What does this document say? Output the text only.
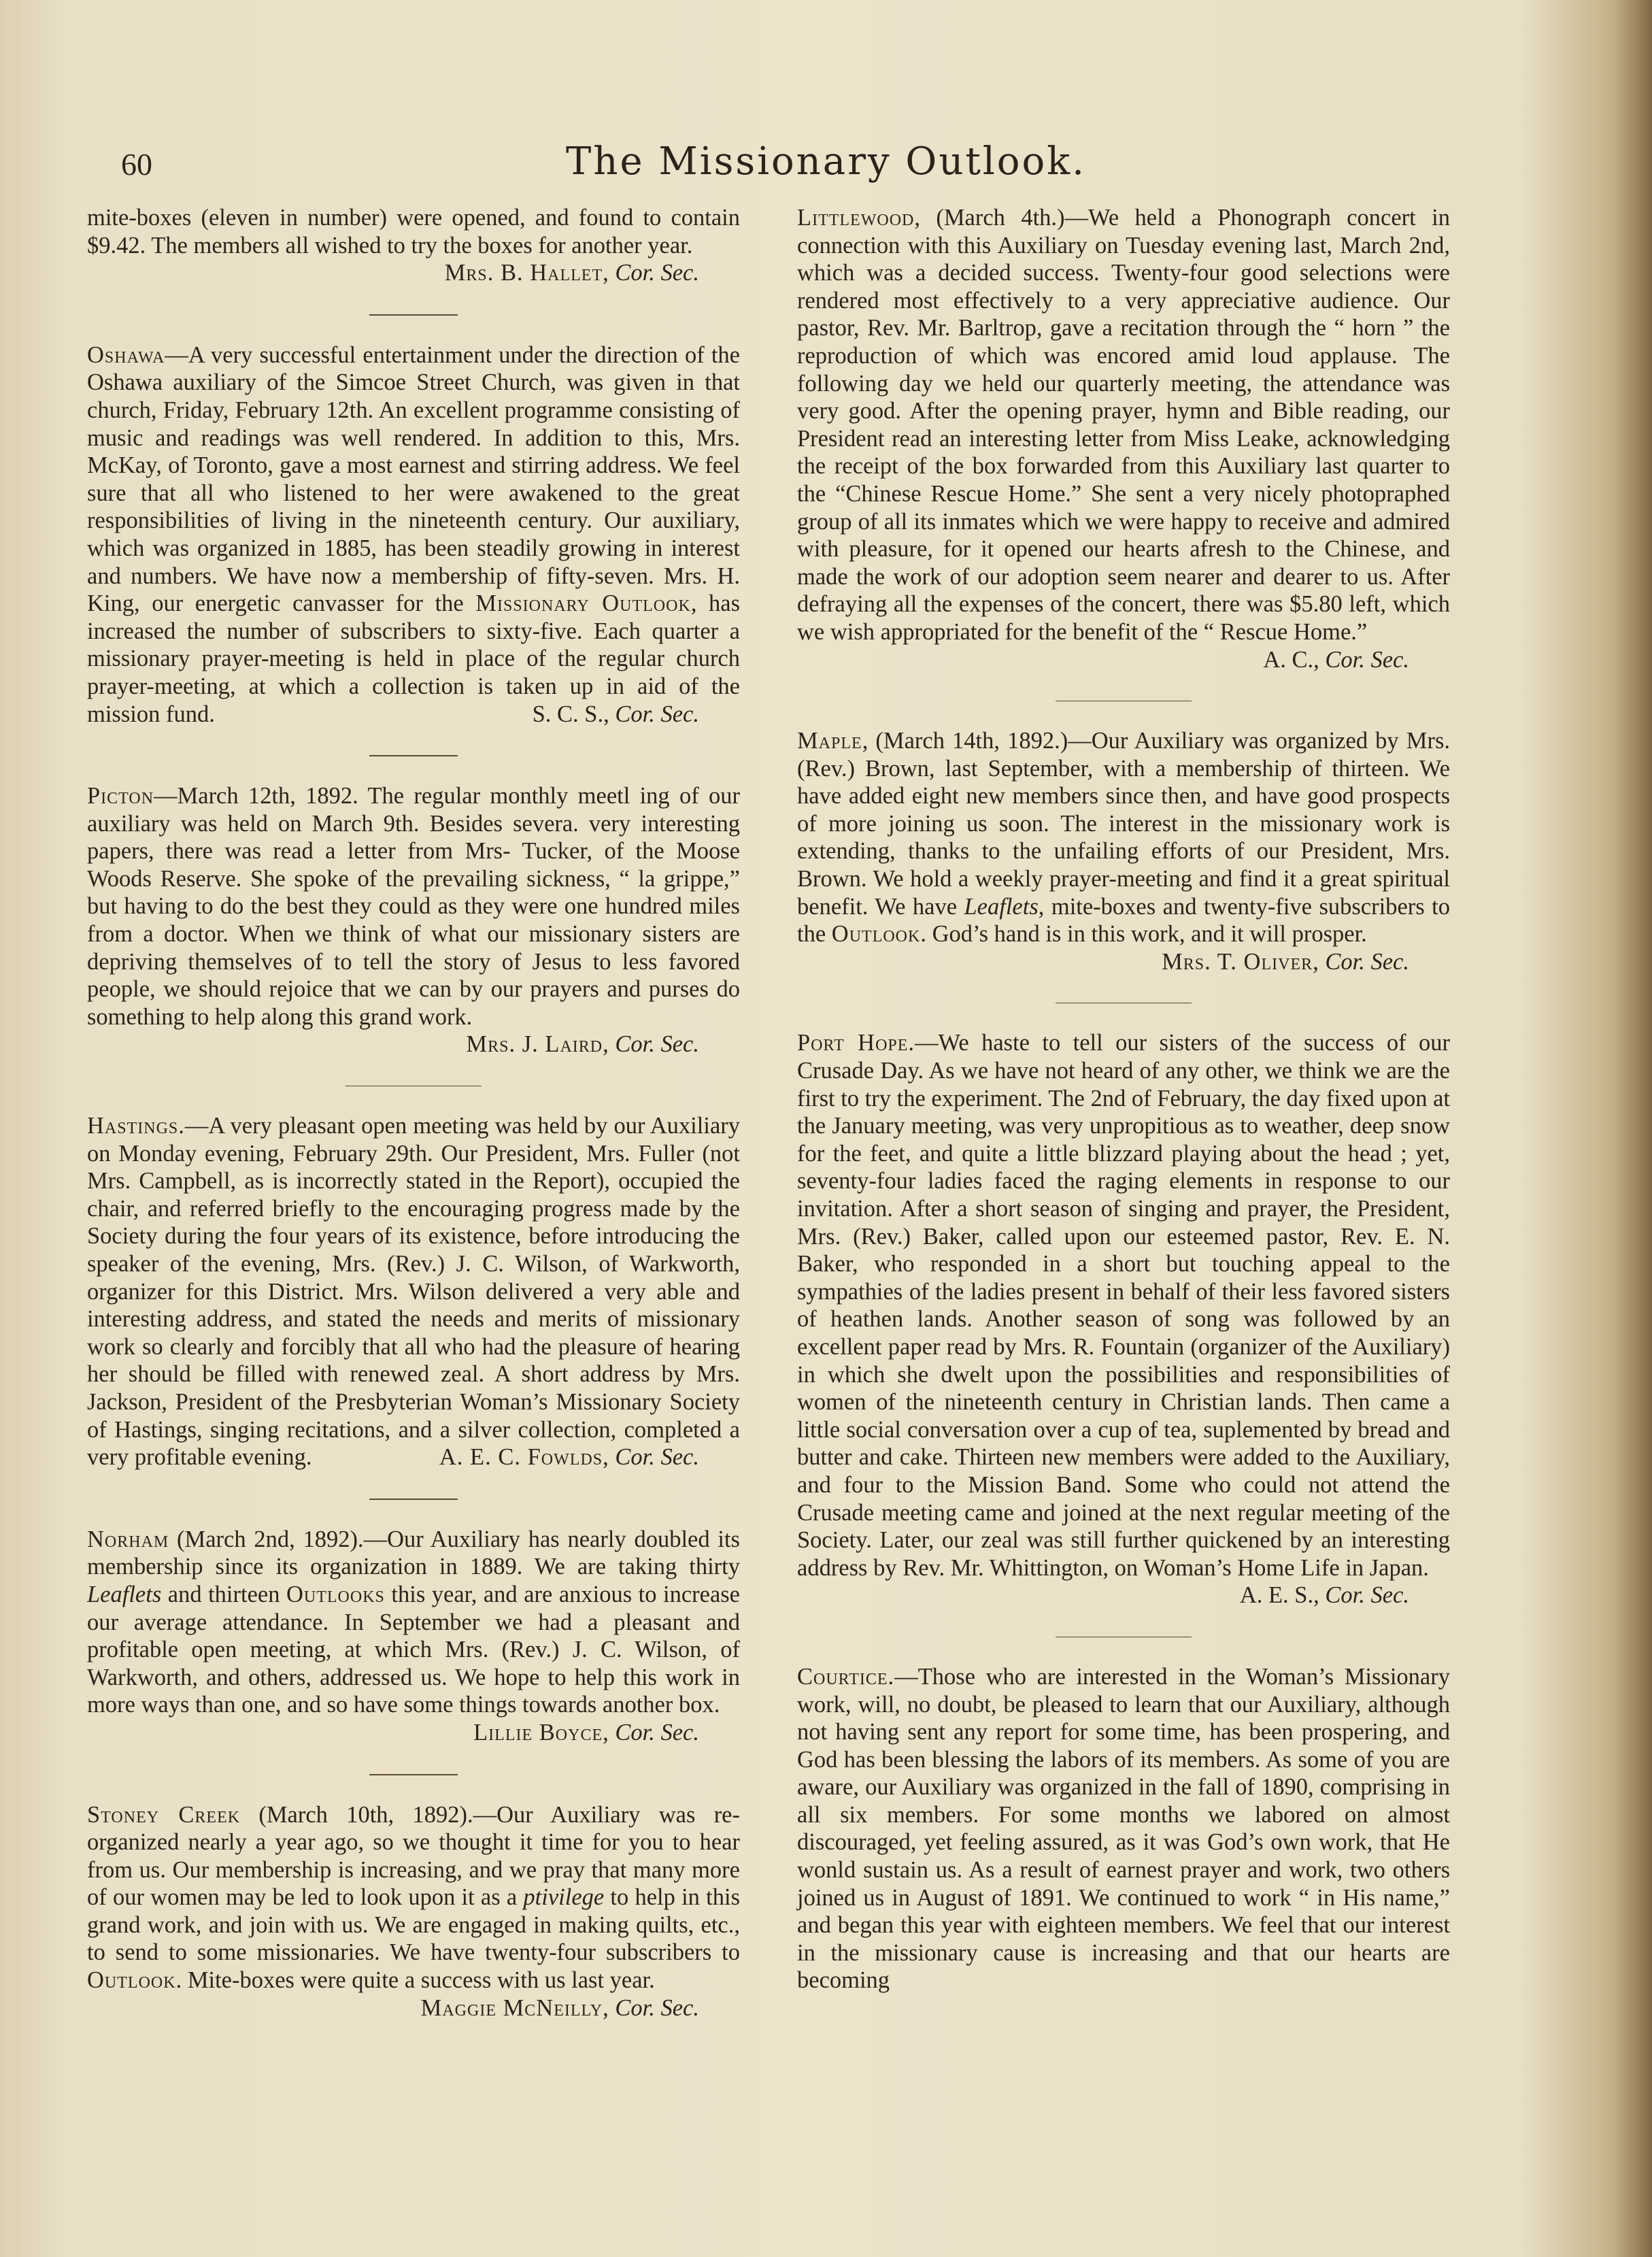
60	The Missionary Outlook.

mite-boxes (eleven in number) were opened, and found to contain $9.42. The members all wished to try the boxes for another year.
Mrs. B. Hallet, Cor. Sec.

Oshawa—A very successful entertainment under the direction of the Oshawa auxiliary of the Simcoe Street Church, was given in that church, Friday, February 12th. An excellent programme consisting of music and readings was well rendered. In addition to this, Mrs. McKay, of Toronto, gave a most earnest and stirring address. We feel sure that all who listened to her were awakened to the great responsibilities of living in the nineteenth century. Our auxiliary, which was organized in 1885, has been steadily growing in interest and numbers. We have now a membership of fifty-seven. Mrs. H. King, our energetic canvasser for the Missionary Outlook, has increased the number of subscribers to sixty-five. Each quarter a missionary prayer-meeting is held in place of the regular church prayer-meeting, at which a collection is taken up in aid of the mission fund.	S. C. S., Cor. Sec.

Picton—March 12th, 1892. The regular monthly meetl ing of our auxiliary was held on March 9th. Besides severa. very interesting papers, there was read a letter from Mrs- Tucker, of the Moose Woods Reserve. She spoke of the prevailing sickness, “ la grippe,” but having to do the best they could as they were one hundred miles from a doctor. When we think of what our missionary sisters are depriving themselves of to tell the story of Jesus to less favored people, we should rejoice that we can by our prayers and purses do something to help along this grand work.

Mrs. J. Laird, Cor. Sec.

Hastings.—A very pleasant open meeting was held by our Auxiliary on Monday evening, February 29th. Our President, Mrs. Fuller (not Mrs. Campbell, as is incorrectly stated in the Report), occupied the chair, and referred briefly to the encouraging progress made by the Society during the four years of its existence, before introducing the speaker of the evening, Mrs. (Rev.) J. C. Wilson, of Warkworth, organizer for this District. Mrs. Wilson delivered a very able and interesting address, and stated the needs and merits of missionary work so clearly and forcibly that all who had the pleasure of hearing her should be filled with renewed zeal. A short address by Mrs. Jackson, President of the Presbyterian Woman’s Missionary Society of Hastings, singing recitations, and a silver collection, completed a very profitable evening.	A. E. C. Fowlds, Cor. Sec.

Norham (March 2nd, 1892).—Our Auxiliary has nearly doubled its membership since its organization in 1889. We are taking thirty Leaflets and thirteen Outlooks this year, and are anxious to increase our average attendance. In September we had a pleasant and profitable open meeting, at which Mrs. (Rev.) J. C. Wilson, of Warkworth, and others, addressed us. We hope to help this work in more ways than one, and so have some things towards another box.
Lillie Boyce, Cor. Sec.

Stoney Creek (March 10th, 1892).—Our Auxiliary was re-organized nearly a year ago, so we thought it time for you to hear from us. Our membership is increasing, and we pray that many more of our women may be led to look upon it as a ptivilege to help in this grand work, and join with us. We are engaged in making quilts, etc., to send to some missionaries. We have twenty-four subscribers to Outlook. Mite-boxes were quite a success with us last year.

Maggie McNeilly, Cor. Sec.

Littlewood, (March 4th.)—We held a Phonograph concert in connection with this Auxiliary on Tuesday evening last, March 2nd, which was a decided success. Twenty-four good selections were rendered most effectively to a very appreciative audience. Our pastor, Rev. Mr. Barltrop, gave a recitation through the “ horn ” the reproduction of which was encored amid loud applause. The following day we held our quarterly meeting, the attendance was very good. After the opening prayer, hymn and Bible reading, our President read an interesting letter from Miss Leake, acknowledging the receipt of the box forwarded from this Auxiliary last quarter to the “Chinese Rescue Home.” She sent a very nicely photopraphed group of all its inmates which we were happy to receive and admired with pleasure, for it opened our hearts afresh to the Chinese, and made the work of our adoption seem nearer and dearer to us. After defraying all the expenses of the concert, there was $5.80 left, which we wish appropriated for the benefit of the “ Rescue Home.”
A. C., Cor. Sec.

Maple, (March 14th, 1892.)—Our Auxiliary was organized by Mrs. (Rev.) Brown, last September, with a membership of thirteen. We have added eight new members since then, and have good prospects of more joining us soon. The interest in the missionary work is extending, thanks to the unfailing efforts of our President, Mrs. Brown. We hold a weekly prayer-meeting and find it a great spiritual benefit. We have Leaflets, mite-boxes and twenty-five subscribers to the Outlook. God’s hand is in this work, and it will prosper.
Mrs. T. Oliver, Cor. Sec.

Port Hope.—We haste to tell our sisters of the success of our Crusade Day. As we have not heard of any other, we think we are the first to try the experiment. The 2nd of February, the day fixed upon at the January meeting, was very unpropitious as to weather, deep snow for the feet, and quite a little blizzard playing about the head ; yet, seventy-four ladies faced the raging elements in response to our invitation. After a short season of singing and prayer, the President, Mrs. (Rev.) Baker, called upon our esteemed pastor, Rev. E. N. Baker, who responded in a short but touching appeal to the sympathies of the ladies present in behalf of their less favored sisters of heathen lands. Another season of song was followed by an excellent paper read by Mrs. R. Fountain (organizer of the Auxiliary) in which she dwelt upon the possibilities and responsibilities of women of the nineteenth century in Christian lands. Then came a little social conversation over a cup of tea, suplemented by bread and butter and cake. Thirteen new members were added to the Auxiliary, and four to the Mission Band. Some who could not attend the Crusade meeting came and joined at the next regular meeting of the Society. Later, our zeal was still further quickened by an interesting address by Rev. Mr. Whittington, on Woman’s Home Life in Japan.

A. E. S., Cor. Sec.

Courtice.—Those who are interested in the Woman’s Missionary work, will, no doubt, be pleased to learn that our Auxiliary, although not having sent any report for some time, has been prospering, and God has been blessing the labors of its members. As some of you are aware, our Auxiliary was organized in the fall of 1890, comprising in all six members. For some months we labored on almost discouraged, yet feeling assured, as it was God’s own work, that He wonld sustain us. As a result of earnest prayer and work, two others joined us in August of 1891. We continued to work “ in His name,” and began this year with eighteen members. We feel that our interest in the missionary cause is increasing and that our hearts are becoming
